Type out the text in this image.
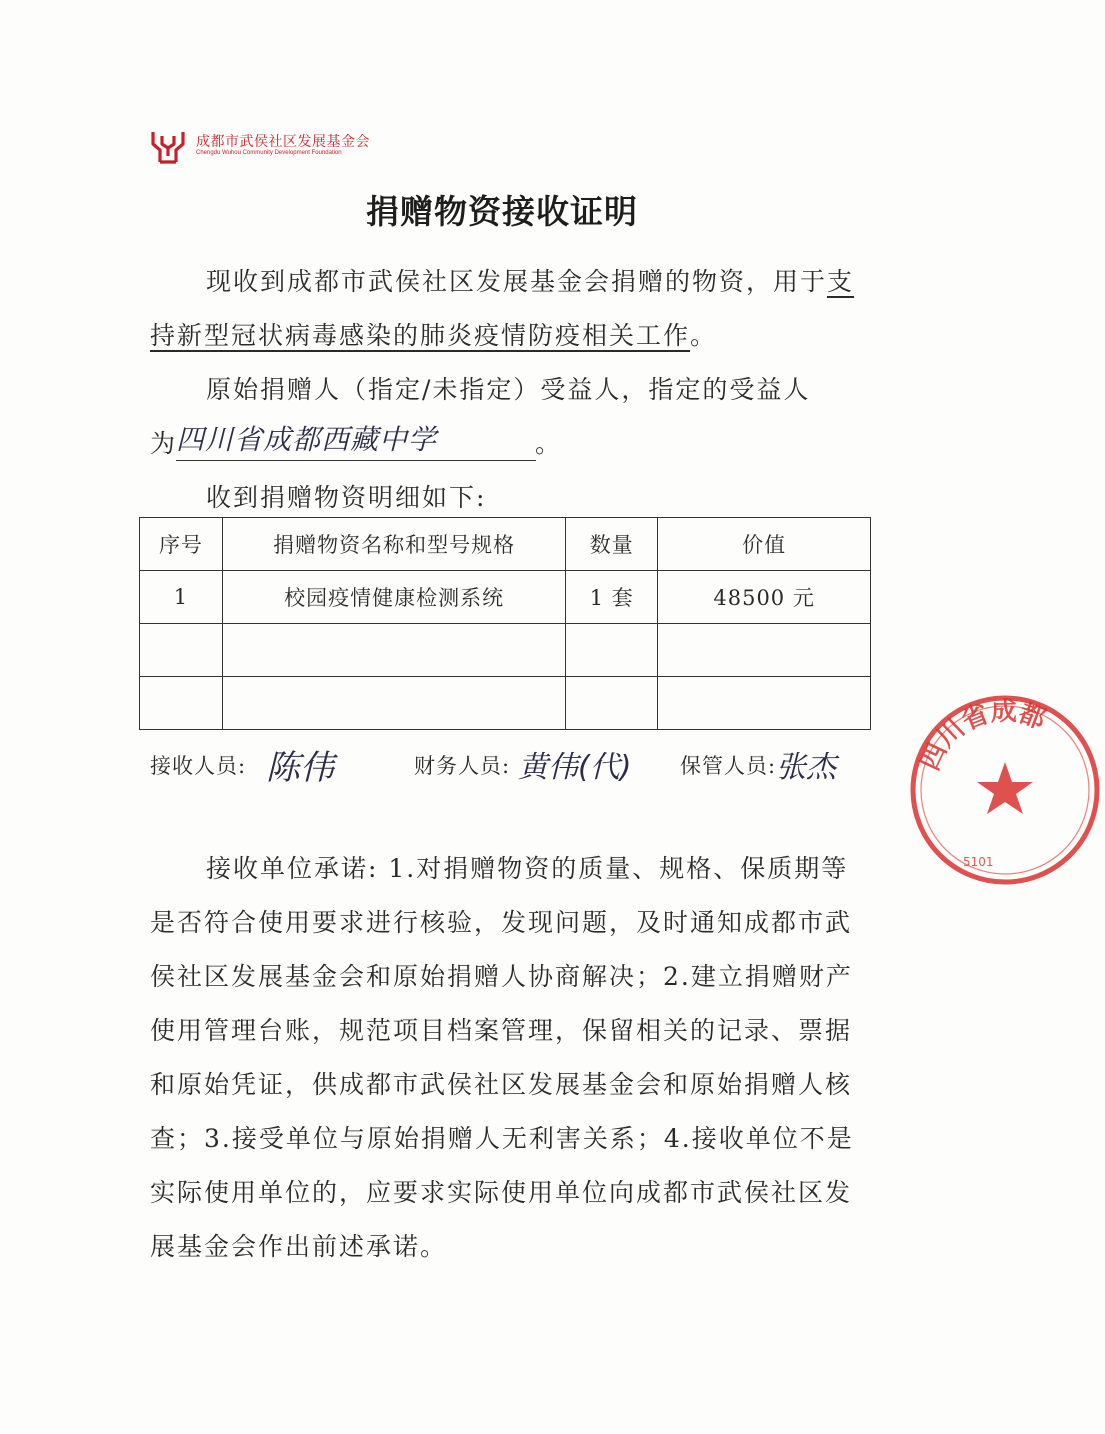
成都市武侯社区发展基金会
Chengdu Wuhou Community Development Foundation
捐赠物资接收证明
现收到成都市武侯社区发展基金会捐赠的物资，用于支
持新型冠状病毒感染的肺炎疫情防疫相关工作。
原始捐赠人（指定/未指定）受益人，指定的受益人
为
四川省成都西藏中学	。
收到捐赠物资明细如下:
序号	捐赠物资名称和型号规格	数量	价值
1	校园疫情健康检测系统	1 套	48500 元

接收人员: 陈伟	财务人员: 黄伟(代) 保管人员: 张杰

接收单位承诺: 1.对捐赠物资的质量、规格、保质期等

是否符合使用要求进行核验，发现问题，及时通知成都市武

侯社区发展基金会和原始捐赠人协商解决；2.建立捐赠财产

使用管理台账，规范项目档案管理，保留相关的记录、票据

和原始凭证，供成都市武侯社区发展基金会和原始捐赠人核

查；3.接受单位与原始捐赠人无利害关系；4.接收单位不是

实际使用单位的，应要求实际使用单位向成都市武侯社区发

展基金会作出前述承诺。

四川省成都
5101
